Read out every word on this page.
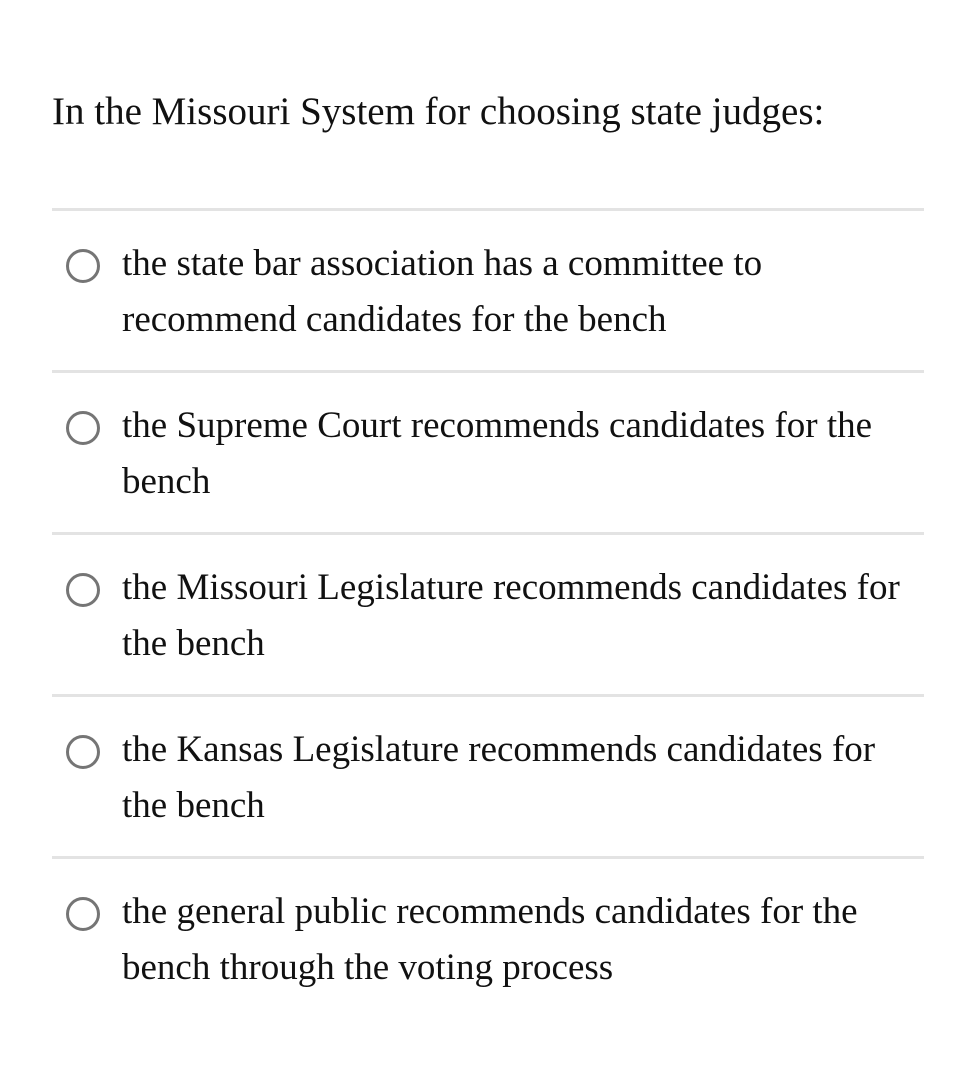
In the Missouri System for choosing state judges:
the state bar association has a committee to recommend candidates for the bench
the Supreme Court recommends candidates for the bench
the Missouri Legislature recommends candidates for the bench
the Kansas Legislature recommends candidates for the bench
the general public recommends candidates for the bench through the voting process
